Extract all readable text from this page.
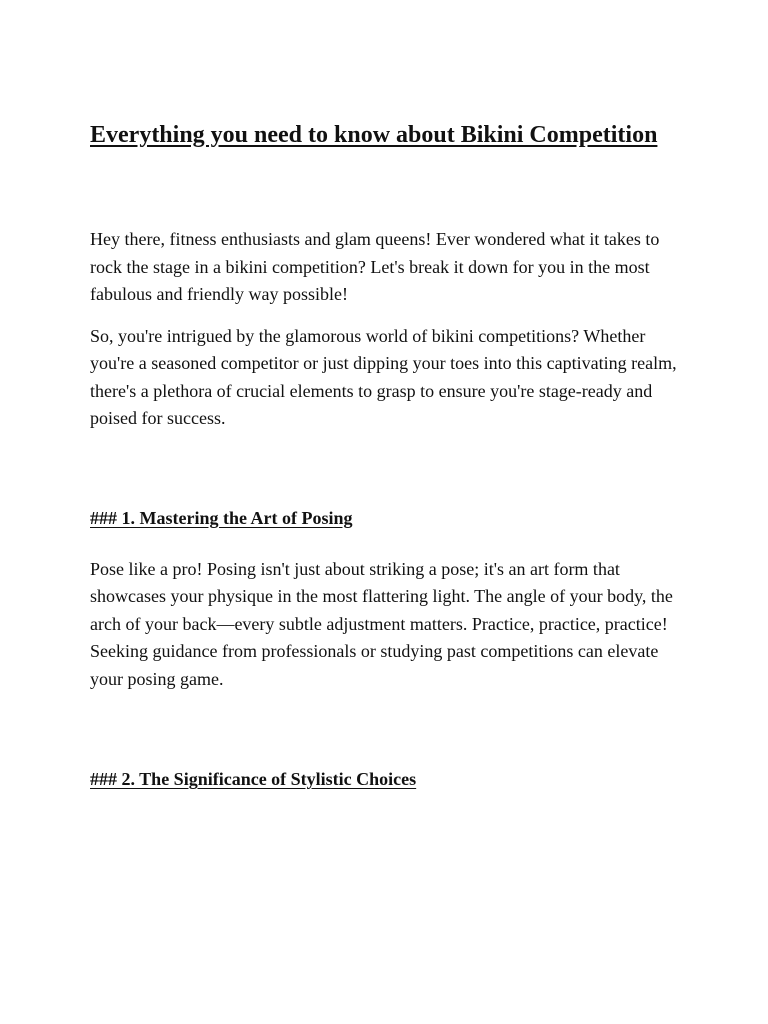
Everything you need to know about Bikini Competition

Hey there, fitness enthusiasts and glam queens! Ever wondered what it takes to rock the stage in a bikini competition? Let's break it down for you in the most fabulous and friendly way possible!

So, you're intrigued by the glamorous world of bikini competitions? Whether you're a seasoned competitor or just dipping your toes into this captivating realm, there's a plethora of crucial elements to grasp to ensure you're stage-ready and poised for success.

### 1. Mastering the Art of Posing

Pose like a pro! Posing isn't just about striking a pose; it's an art form that showcases your physique in the most flattering light. The angle of your body, the arch of your back—every subtle adjustment matters. Practice, practice, practice! Seeking guidance from professionals or studying past competitions can elevate your posing game.

### 2. The Significance of Stylistic Choices
